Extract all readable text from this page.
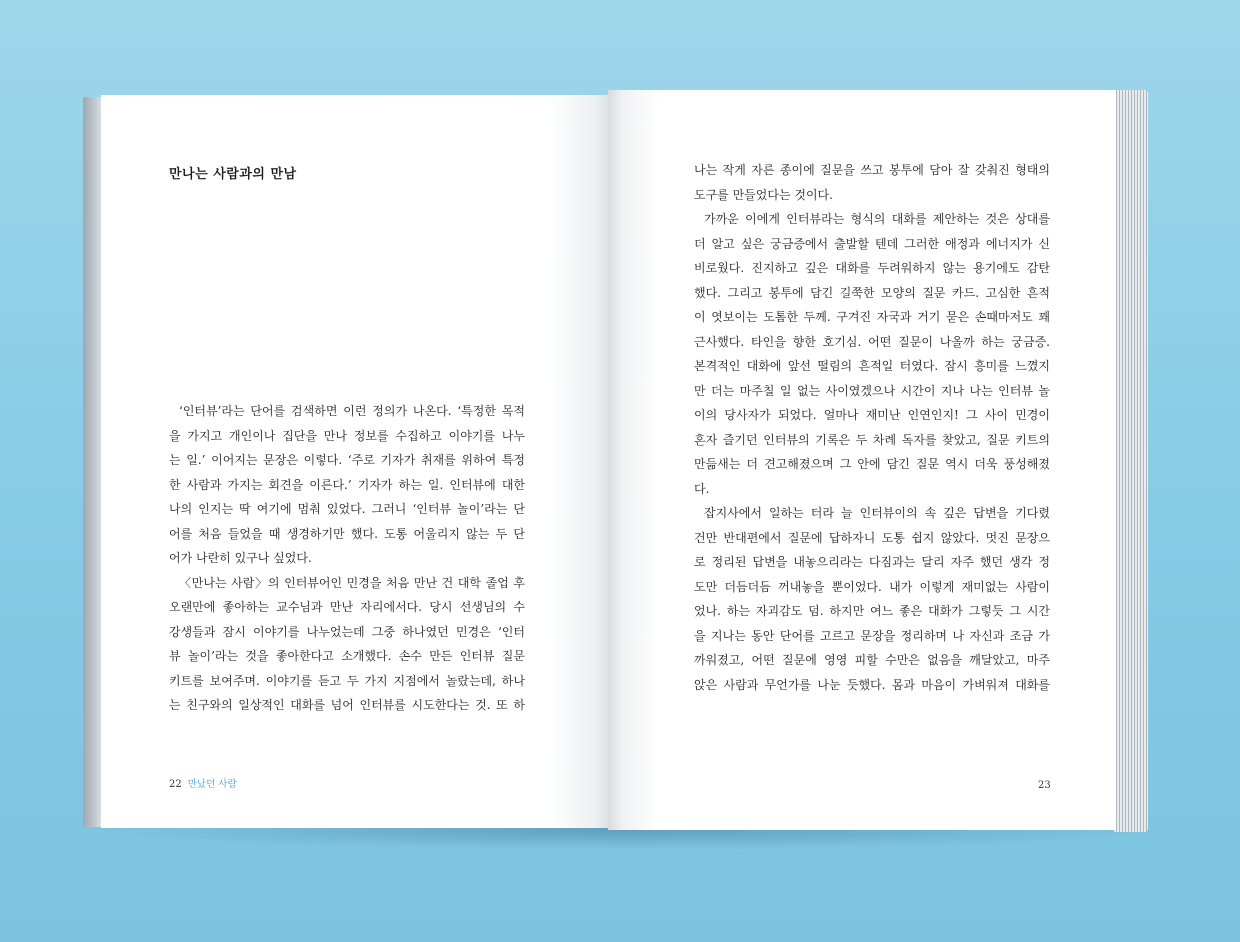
만나는 사람과의 만남
‘인터뷰’라는 단어를 검색하면 이런 정의가 나온다. ‘특정한 목적
을 가지고 개인이나 집단을 만나 정보를 수집하고 이야기를 나누
는 일.’ 이어지는 문장은 이렇다. ‘주로 기자가 취재를 위하여 특정
한 사람과 가지는 회견을 이른다.’ 기자가 하는 일. 인터뷰에 대한
나의 인지는 딱 여기에 멈춰 있었다. 그러니 ‘인터뷰 놀이’라는 단
어를 처음 들었을 때 생경하기만 했다. 도통 어울리지 않는 두 단
어가 나란히 있구나 싶었다.
〈만나는 사람〉의 인터뷰어인 민경을 처음 만난 건 대학 졸업 후
오랜만에 좋아하는 교수님과 만난 자리에서다. 당시 선생님의 수
강생들과 잠시 이야기를 나누었는데 그중 하나였던 민경은 ‘인터
뷰 놀이’라는 것을 좋아한다고 소개했다. 손수 만든 인터뷰 질문
키트를 보여주며. 이야기를 듣고 두 가지 지점에서 놀랐는데, 하나
는 친구와의 일상적인 대화를 넘어 인터뷰를 시도한다는 것. 또 하
22 만났던 사람
나는 작게 자른 종이에 질문을 쓰고 봉투에 담아 잘 갖춰진 형태의
도구를 만들었다는 것이다.
가까운 이에게 인터뷰라는 형식의 대화를 제안하는 것은 상대를
더 알고 싶은 궁금증에서 출발할 텐데 그러한 애정과 에너지가 신
비로웠다. 진지하고 깊은 대화를 두려워하지 않는 용기에도 감탄
했다. 그리고 봉투에 담긴 길쭉한 모양의 질문 카드. 고심한 흔적
이 엿보이는 도톰한 두께. 구겨진 자국과 거기 묻은 손때마저도 꽤
근사했다. 타인을 향한 호기심. 어떤 질문이 나올까 하는 궁금증.
본격적인 대화에 앞선 떨림의 흔적일 터였다. 잠시 흥미를 느꼈지
만 더는 마주칠 일 없는 사이였겠으나 시간이 지나 나는 인터뷰 놀
이의 당사자가 되었다. 얼마나 재미난 인연인지! 그 사이 민경이
혼자 즐기던 인터뷰의 기록은 두 차례 독자를 찾았고, 질문 키트의
만듦새는 더 견고해졌으며 그 안에 담긴 질문 역시 더욱 풍성해졌
다.
잡지사에서 일하는 터라 늘 인터뷰이의 속 깊은 답변을 기다렸
건만 반대편에서 질문에 답하자니 도통 쉽지 않았다. 멋진 문장으
로 정리된 답변을 내놓으리라는 다짐과는 달리 자주 했던 생각 정
도만 더듬더듬 꺼내놓을 뿐이었다. 내가 이렇게 재미없는 사람이
었나. 하는 자괴감도 덤. 하지만 여느 좋은 대화가 그렇듯 그 시간
을 지나는 동안 단어를 고르고 문장을 정리하며 나 자신과 조금 가
까워졌고, 어떤 질문에 영영 피할 수만은 없음을 깨달았고, 마주
앉은 사람과 무언가를 나눈 듯했다. 몸과 마음이 가벼워져 대화를
23
